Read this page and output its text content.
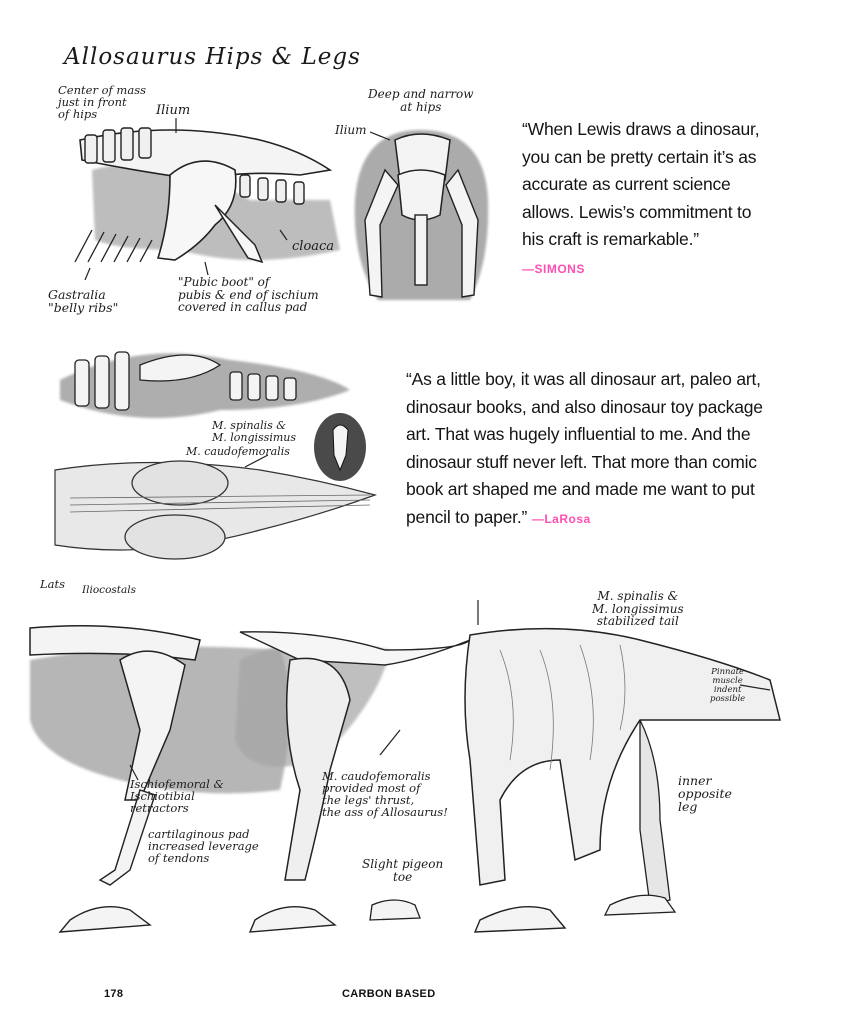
Allosaurus Hips & Legs
Center of mass
just in front
of hips	Ilium
Deep and narrow
at hips
Ilium
cloaca
"Pubic boot" of
pubis & end of ischium
covered in callus pad
Gastralia
"belly ribs"
M. spinalis &
M. longissimus
M. caudofemoralis
Lats Iliocostals	M. spinalis &
M. longissimus
stabilized tail
Pinnate
muscle
indent
possible
Ischiofemoral &
Ischiotibial
retractors
M. caudofemoralis
provided most of
the legs' thrust,
the ass of Allosaurus!
inner
opposite
leg
cartilaginous pad
increased leverage
of tendons	Slight pigeon
toe
“When Lewis draws a dinosaur, you can be pretty certain it’s as accurate as current science allows. Lewis’s commitment to his craft is remarkable.”
—SIMONS
“As a little boy, it was all dinosaur art, paleo art, dinosaur books, and also dinosaur toy package art. That was hugely influential to me. And the dinosaur stuff never left. That more than comic book art shaped me and made me want to put pencil to paper.” —LaRosa
178	CARBON BASED
